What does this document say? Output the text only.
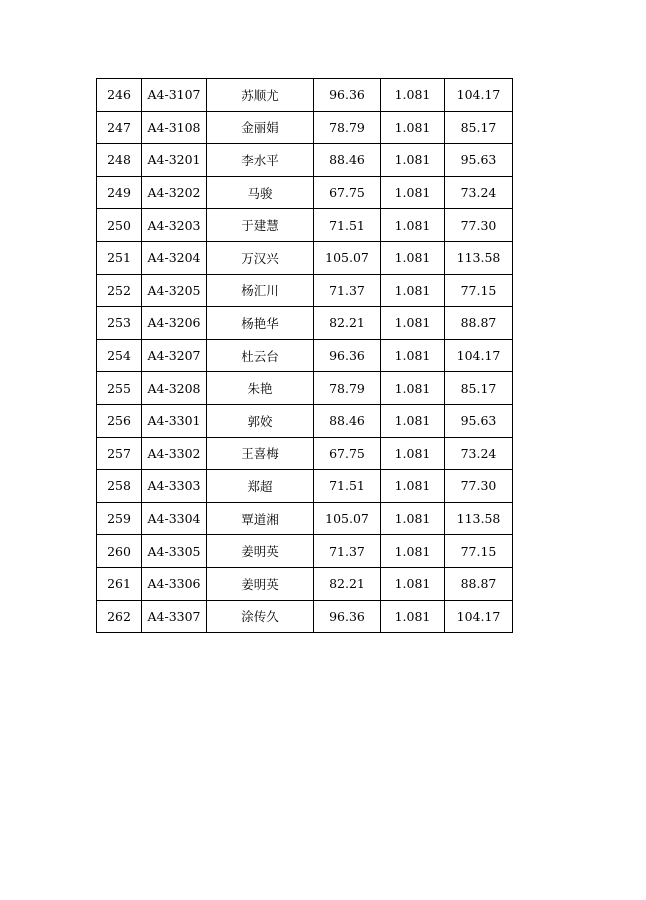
246	A4-3107	苏顺尤	96.36	1.081	104.17
247	A4-3108	金丽娟	78.79	1.081	85.17
248	A4-3201	李水平	88.46	1.081	95.63
249	A4-3202	马骏	67.75	1.081	73.24
250	A4-3203	于建慧	71.51	1.081	77.30
251	A4-3204	万汉兴	105.07	1.081	113.58
252	A4-3205	杨汇川	71.37	1.081	77.15
253	A4-3206	杨艳华	82.21	1.081	88.87
254	A4-3207	杜云台	96.36	1.081	104.17
255	A4-3208	朱艳	78.79	1.081	85.17
256	A4-3301	郭姣	88.46	1.081	95.63
257	A4-3302	王喜梅	67.75	1.081	73.24
258	A4-3303	郑超	71.51	1.081	77.30
259	A4-3304	覃道湘	105.07	1.081	113.58
260	A4-3305	姜明英	71.37	1.081	77.15
261	A4-3306	姜明英	82.21	1.081	88.87
262	A4-3307	涂传久	96.36	1.081	104.17
